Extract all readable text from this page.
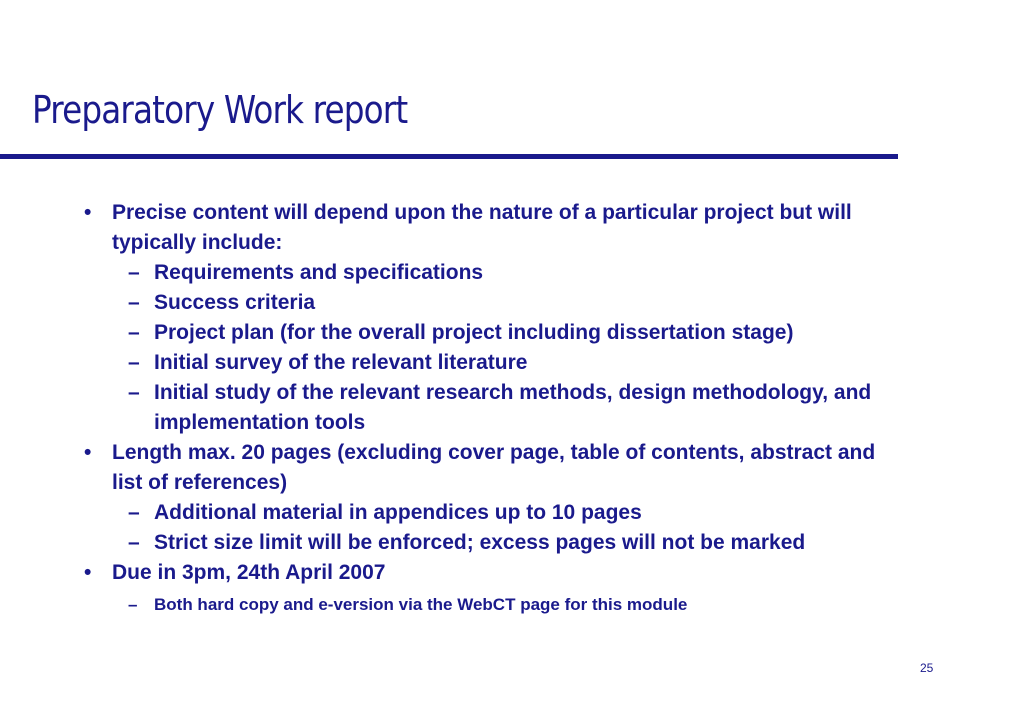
Preparatory Work report
• Precise content will depend upon the nature of a particular project but will typically include:
– Requirements and specifications
– Success criteria
– Project plan (for the overall project including dissertation stage)
– Initial survey of the relevant literature
– Initial study of the relevant research methods, design methodology, and implementation tools
• Length max. 20 pages (excluding cover page, table of contents, abstract and list of references)
– Additional material in appendices up to 10 pages
– Strict size limit will be enforced; excess pages will not be marked
• Due in 3pm, 24th April 2007
– Both hard copy and e-version via the WebCT page for this module
25
